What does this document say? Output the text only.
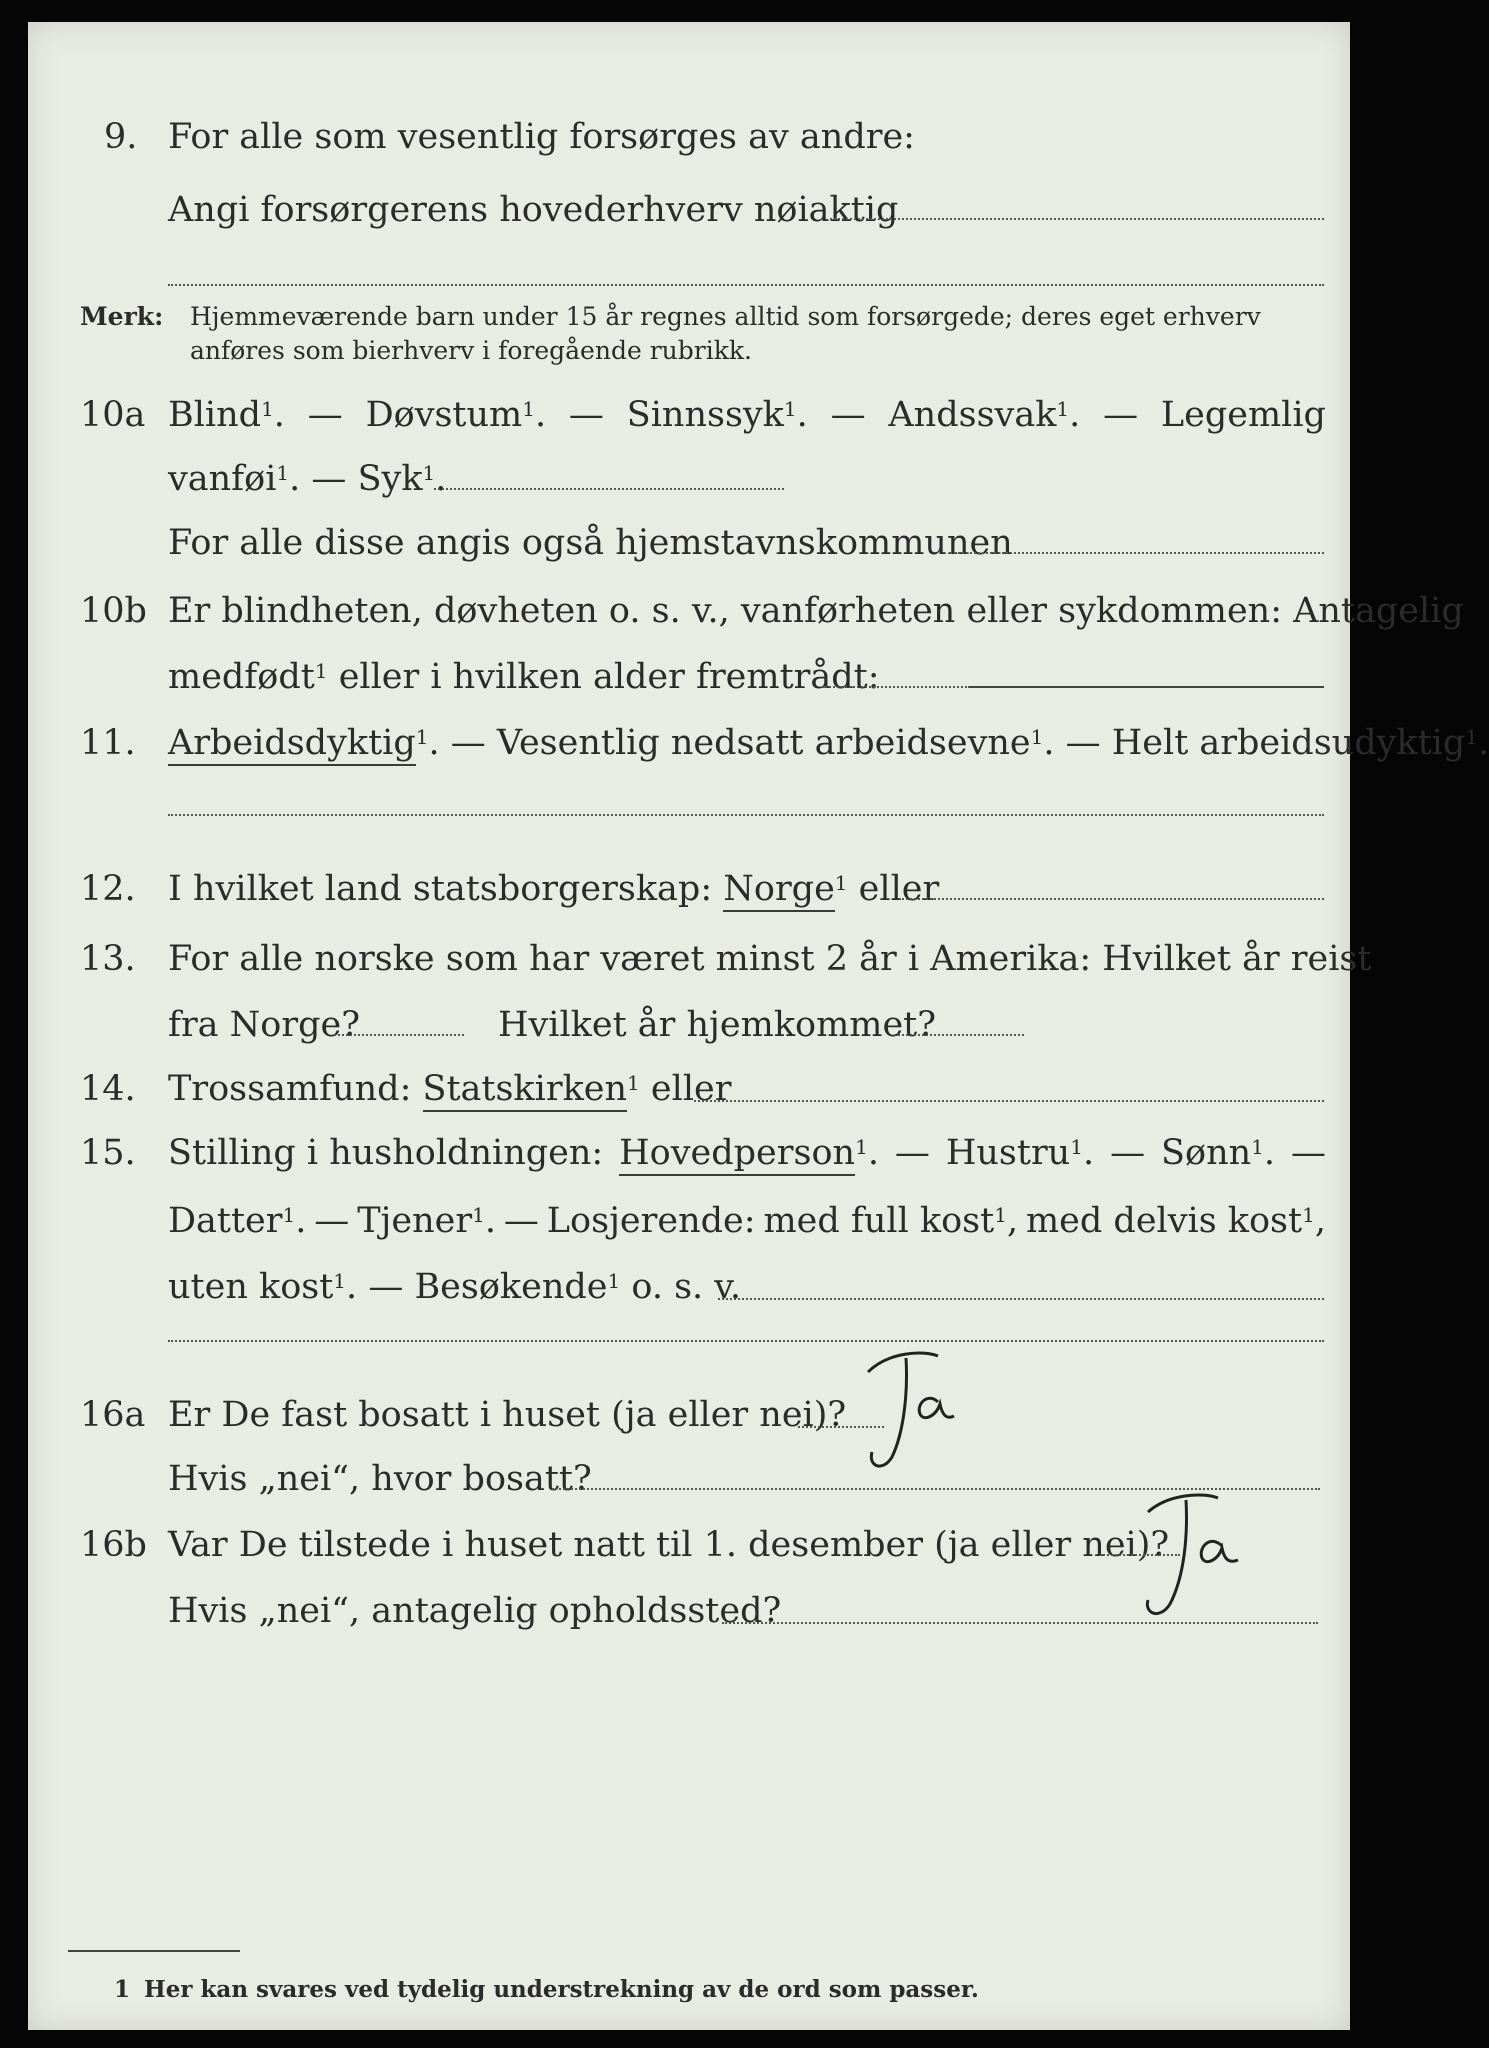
9. For alle som vesentlig forsørges av andre:
Angi forsørgerens hovederhverv nøiaktig
Merk: Hjemmeværende barn under 15 år regnes alltid som forsørgede; deres eget erhverv
anføres som bierhverv i foregående rubrikk.
10a Blind$^1$. — Døvstum$^1$. — Sinnssyk$^1$. — Andssvak$^1$. — Legemlig
vanføi$^1$. — Syk$^1$.
For alle disse angis også hjemstavnskommunen
10b Er blindheten, døvheten o. s. v., vanførheten eller sykdommen: Antagelig
medfødt$^1$ eller i hvilken alder fremtrådt:
11. Arbeidsdyktig$^1$. — Vesentlig nedsatt arbeidsevne$^1$. — Helt arbeidsudyktig$^1$.
12. I hvilket land statsborgerskap: Norge$^1$ eller
13. For alle norske som har været minst 2 år i Amerika: Hvilket år reist
fra Norge?	Hvilket år hjemkommet?
14. Trossamfund: Statskirken$^1$ eller
15. Stilling i husholdningen: Hovedperson$^1$. — Hustru$^1$. — Sønn$^1$. —
Datter$^1$. — Tjener$^1$. — Losjerende: med full kost$^1$, med delvis kost$^1$,
uten kost$^1$. — Besøkende$^1$ o. s. v.
16a Er De fast bosatt i huset (ja eller nei)?
Ja
Hvis „nei“, hvor bosatt?
16b Var De tilstede i huset natt til 1. desember (ja eller nei)?
Ja
Hvis „nei“, antagelig opholdssted?
1 Her kan svares ved tydelig understrekning av de ord som passer.
